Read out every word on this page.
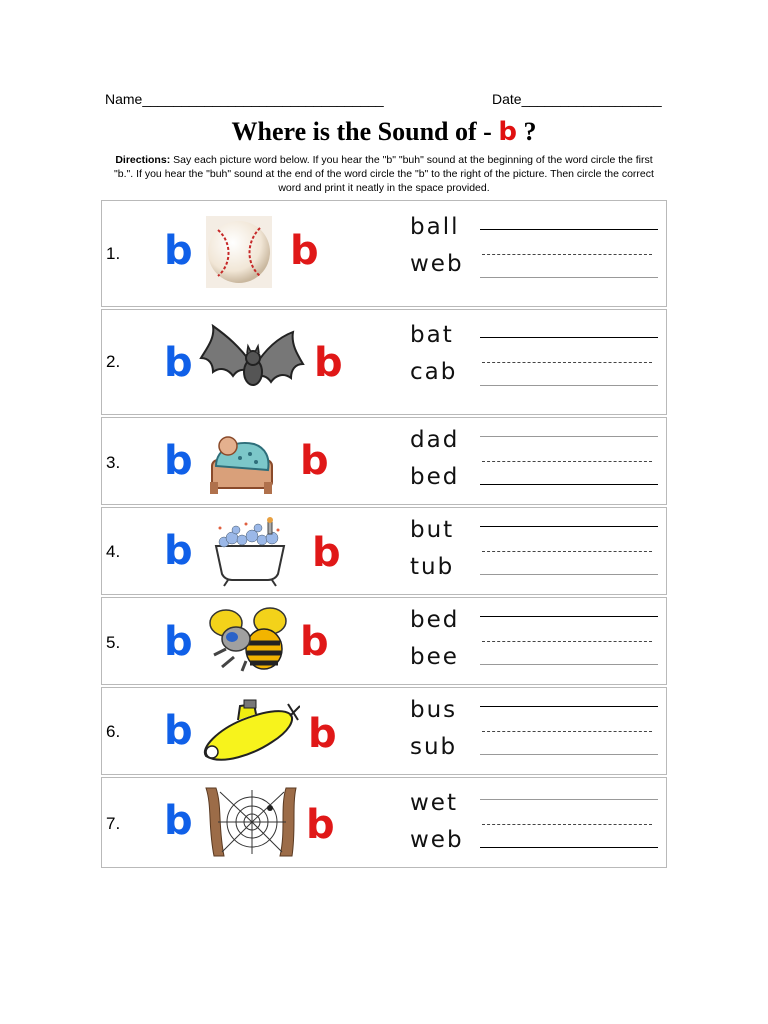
Name_______________________________	Date__________________
Where is the Sound of - b ?
Directions: Say each picture word below. If you hear the "b" "buh" sound at the beginning of the word circle the first "b.". If you hear the "buh" sound at the end of the word circle the "b" to the right of the picture. Then circle the correct word and print it neatly in the space provided.
1. b b
ball
web
2. b	b
bat
cab
3. b	b	dad
bed
4. b	b	but
tub
5. b	b	bed
bee
6. b	b
bus
sub
7. b	b	wet
web
